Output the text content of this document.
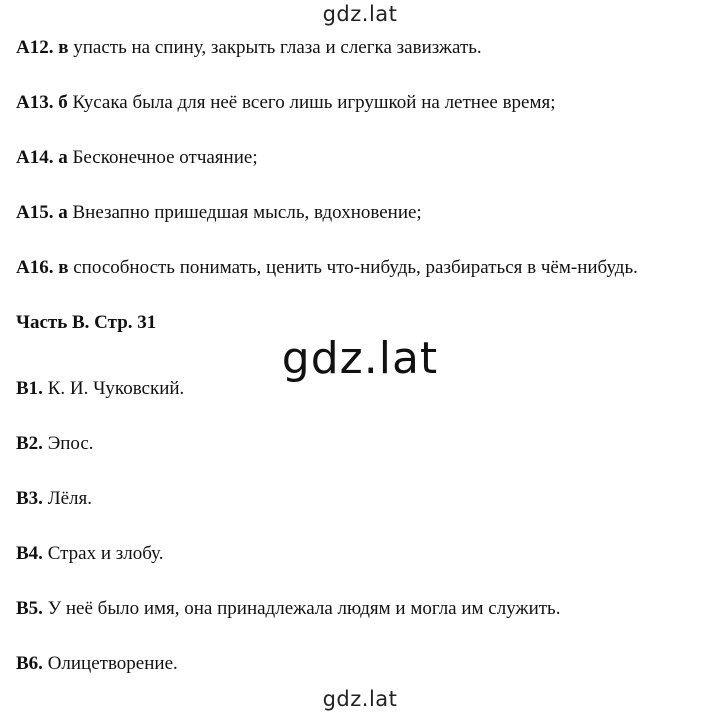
gdz.lat

А12. в упасть на спину, закрыть глаза и слегка завизжать.

А13. б Кусака была для неё всего лишь игрушкой на летнее время;

А14. а Бесконечное отчаяние;

А15. а Внезапно пришедшая мысль, вдохновение;

А16. в способность понимать, ценить что-нибудь, разбираться в чём-нибудь.

Часть В. Стр. 31

gdz.lat

В1. К. И. Чуковский.

В2. Эпос.

В3. Лёля.

В4. Страх и злобу.

В5. У неё было имя, она принадлежала людям и могла им служить.

В6. Олицетворение.

gdz.lat
